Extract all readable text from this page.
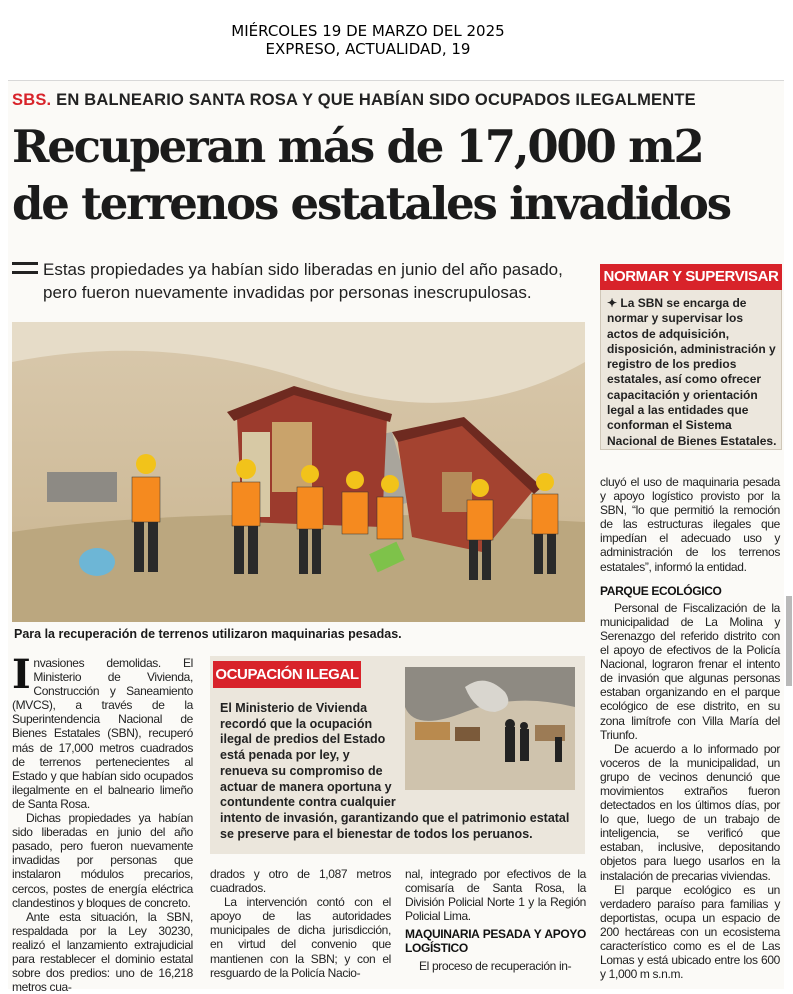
MIÉRCOLES 19 DE MARZO DEL 2025
EXPRESO, ACTUALIDAD, 19
SBS. EN BALNEARIO SANTA ROSA Y QUE HABÍAN SIDO OCUPADOS ILEGALMENTE
Recuperan más de 17,000 m2
de terrenos estatales invadidos
Estas propiedades ya habían sido liberadas en junio del año pasado,
pero fueron nuevamente invadidas por personas inescrupulosas.
Para la recuperación de terrenos utilizaron maquinarias pesadas.
NORMAR Y SUPERVISAR
✦ La SBN se encarga de normar y supervisar los actos de adquisición, disposición, administración y registro de los predios estatales, así como ofrecer capacitación y orientación legal a las entidades que conforman el Sistema Nacional de Bienes Estatales.

Invasiones demolidas. El Ministerio de Vivienda, Construcción y Saneamiento (MVCS), a través de la Superintendencia Nacional de Bienes Estatales (SBN), recuperó más de 17,000 metros cuadrados de terrenos pertenecientes al Estado y que habían sido ocupados ilegalmente en el balneario limeño de Santa Rosa.

Dichas propiedades ya habían sido liberadas en junio del año pasado, pero fueron nuevamente invadidas por personas que instalaron módulos precarios, cercos, postes de energía eléctrica clandestinos y bloques de concreto.

Ante esta situación, la SBN, respaldada por la Ley 30230, realizó el lanzamiento extrajudicial para restablecer el dominio estatal sobre dos predios: uno de 16,218 metros cua-

OCUPACIÓN ILEGAL
El Ministerio de Vivienda recordó que la ocupación ilegal de predios del Estado está penada por ley, y renueva su compromiso de actuar de manera oportuna y contundente contra cualquier
intento de invasión, garantizando que el patrimonio estatal se preserve para el bienestar de todos los peruanos.

drados y otro de 1,087 metros cuadrados.

La intervención contó con el apoyo de las autoridades municipales de dicha jurisdicción, en virtud del convenio que mantienen con la SBN; y con el resguardo de la Policía Nacio-

nal, integrado por efectivos de la comisaría de Santa Rosa, la División Policial Norte 1 y la Región Policial Lima.

MAQUINARIA PESADA Y APOYO LOGÍSTICO

El proceso de recuperación in-

cluyó el uso de maquinaria pesada y apoyo logístico provisto por la SBN, “lo que permitió la remoción de las estructuras ilegales que impedían el adecuado uso y administración de los terrenos estatales”, informó la entidad.

PARQUE ECOLÓGICO

Personal de Fiscalización de la municipalidad de La Molina y Serenazgo del referido distrito con el apoyo de efectivos de la Policía Nacional, lograron frenar el intento de invasión que algunas personas estaban organizando en el parque ecológico de ese distrito, en su zona limítrofe con Villa María del Triunfo.

De acuerdo a lo informado por voceros de la municipalidad, un grupo de vecinos denunció que movimientos extraños fueron detectados en los últimos días, por lo que, luego de un trabajo de inteligencia, se verificó que estaban, inclusive, depositando objetos para luego usarlos en la instalación de precarias viviendas.

El parque ecológico es un verdadero paraíso para familias y deportistas, ocupa un espacio de 200 hectáreas con un ecosistema característico como es el de Las Lomas y está ubicado entre los 600 y 1,000 m s.n.m.
